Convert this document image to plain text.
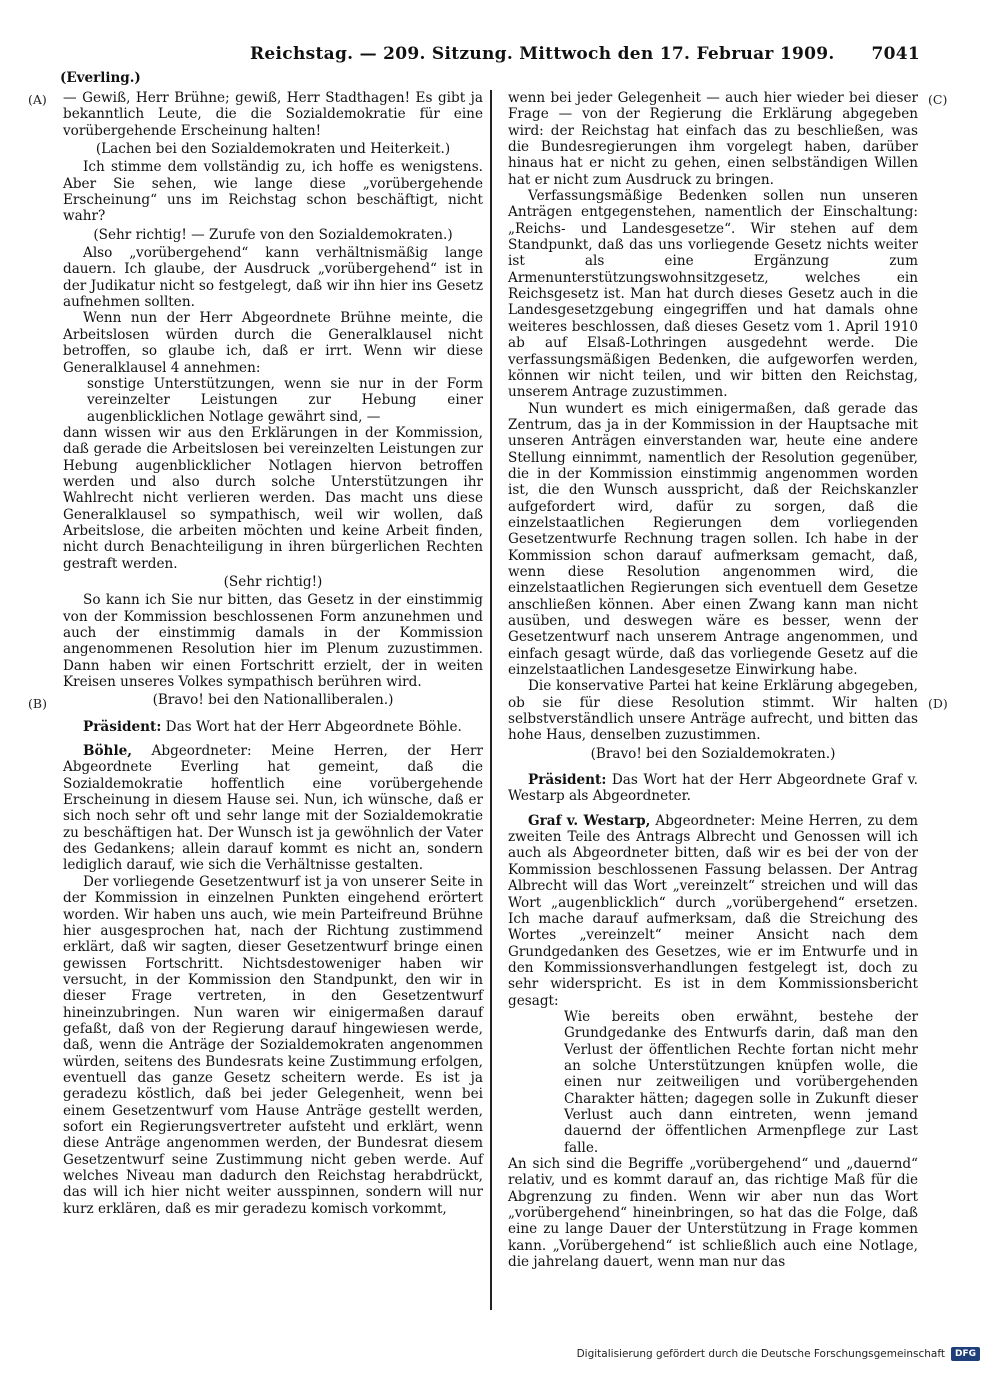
Reichstag. — 209. Sitzung. Mittwoch den 17. Februar 1909. 7041
(Everling.)
(A)
(B)
(C)
(D)

— Gewiß, Herr Brühne; gewiß, Herr Stadthagen! Es gibt ja bekanntlich Leute, die die Sozialdemokratie für eine vorübergehende Erscheinung halten!

(Lachen bei den Sozialdemokraten und Heiterkeit.)

Ich stimme dem vollständig zu, ich hoffe es wenigstens. Aber Sie sehen, wie lange diese „vorübergehende Erscheinung“ uns im Reichstag schon beschäftigt, nicht wahr?

(Sehr richtig! — Zurufe von den Sozialdemokraten.)

Also „vorübergehend“ kann verhältnismäßig lange dauern. Ich glaube, der Ausdruck „vorübergehend“ ist in der Judikatur nicht so festgelegt, daß wir ihn hier ins Gesetz aufnehmen sollten.

Wenn nun der Herr Abgeordnete Brühne meinte, die Arbeitslosen würden durch die Generalklausel nicht betroffen, so glaube ich, daß er irrt. Wenn wir diese Generalklausel 4 annehmen:

sonstige Unterstützungen, wenn sie nur in der Form vereinzelter Leistungen zur Hebung einer augenblicklichen Notlage gewährt sind, —

dann wissen wir aus den Erklärungen in der Kommission, daß gerade die Arbeitslosen bei vereinzelten Leistungen zur Hebung augenblicklicher Notlagen hiervon betroffen werden und also durch solche Unterstützungen ihr Wahlrecht nicht verlieren werden. Das macht uns diese Generalklausel so sympathisch, weil wir wollen, daß Arbeitslose, die arbeiten möchten und keine Arbeit finden, nicht durch Benachteiligung in ihren bürgerlichen Rechten gestraft werden.

(Sehr richtig!)

So kann ich Sie nur bitten, das Gesetz in der einstimmig von der Kommission beschlossenen Form anzunehmen und auch der einstimmig damals in der Kommission angenommenen Resolution hier im Plenum zuzustimmen. Dann haben wir einen Fortschritt erzielt, der in weiten Kreisen unseres Volkes sympathisch berühren wird.

(Bravo! bei den Nationalliberalen.)

Präsident: Das Wort hat der Herr Abgeordnete Böhle.

Böhle, Abgeordneter: Meine Herren, der Herr Abgeordnete Everling hat gemeint, daß die Sozialdemokratie hoffentlich eine vorübergehende Erscheinung in diesem Hause sei. Nun, ich wünsche, daß er sich noch sehr oft und sehr lange mit der Sozialdemokratie zu beschäftigen hat. Der Wunsch ist ja gewöhnlich der Vater des Gedankens; allein darauf kommt es nicht an, sondern lediglich darauf, wie sich die Verhältnisse gestalten.

Der vorliegende Gesetzentwurf ist ja von unserer Seite in der Kommission in einzelnen Punkten eingehend erörtert worden. Wir haben uns auch, wie mein Parteifreund Brühne hier ausgesprochen hat, nach der Richtung zustimmend erklärt, daß wir sagten, dieser Gesetzentwurf bringe einen gewissen Fortschritt. Nichtsdestoweniger haben wir versucht, in der Kommission den Standpunkt, den wir in dieser Frage vertreten, in den Gesetzentwurf hineinzubringen. Nun waren wir einigermaßen darauf gefaßt, daß von der Regierung darauf hingewiesen werde, daß, wenn die Anträge der Sozialdemokraten angenommen würden, seitens des Bundesrats keine Zustimmung erfolgen, eventuell das ganze Gesetz scheitern werde. Es ist ja geradezu köstlich, daß bei jeder Gelegenheit, wenn bei einem Gesetzentwurf vom Hause Anträge gestellt werden, sofort ein Regierungsvertreter aufsteht und erklärt, wenn diese Anträge angenommen werden, der Bundesrat diesem Gesetzentwurf seine Zustimmung nicht geben werde. Auf welches Niveau man dadurch den Reichstag herabdrückt, das will ich hier nicht weiter ausspinnen, sondern will nur kurz erklären, daß es mir geradezu komisch vorkommt,

wenn bei jeder Gelegenheit — auch hier wieder bei dieser Frage — von der Regierung die Erklärung abgegeben wird: der Reichstag hat einfach das zu beschließen, was die Bundesregierungen ihm vorgelegt haben, darüber hinaus hat er nicht zu gehen, einen selbständigen Willen hat er nicht zum Ausdruck zu bringen.

Verfassungsmäßige Bedenken sollen nun unseren Anträgen entgegenstehen, namentlich der Einschaltung: „Reichs- und Landesgesetze“. Wir stehen auf dem Standpunkt, daß das uns vorliegende Gesetz nichts weiter ist als eine Ergänzung zum Armenunterstützungswohnsitzgesetz, welches ein Reichsgesetz ist. Man hat durch dieses Gesetz auch in die Landesgesetzgebung eingegriffen und hat damals ohne weiteres beschlossen, daß dieses Gesetz vom 1. April 1910 ab auf Elsaß-Lothringen ausgedehnt werde. Die verfassungsmäßigen Bedenken, die aufgeworfen werden, können wir nicht teilen, und wir bitten den Reichstag, unserem Antrage zuzustimmen.

Nun wundert es mich einigermaßen, daß gerade das Zentrum, das ja in der Kommission in der Hauptsache mit unseren Anträgen einverstanden war, heute eine andere Stellung einnimmt, namentlich der Resolution gegenüber, die in der Kommission einstimmig angenommen worden ist, die den Wunsch ausspricht, daß der Reichskanzler aufgefordert wird, dafür zu sorgen, daß die einzelstaatlichen Regierungen dem vorliegenden Gesetzentwurfe Rechnung tragen sollen. Ich habe in der Kommission schon darauf aufmerksam gemacht, daß, wenn diese Resolution angenommen wird, die einzelstaatlichen Regierungen sich eventuell dem Gesetze anschließen können. Aber einen Zwang kann man nicht ausüben, und deswegen wäre es besser, wenn der Gesetzentwurf nach unserem Antrage angenommen, und einfach gesagt würde, daß das vorliegende Gesetz auf die einzelstaatlichen Landesgesetze Einwirkung habe.

Die konservative Partei hat keine Erklärung abgegeben, ob sie für diese Resolution stimmt. Wir halten selbstverständlich unsere Anträge aufrecht, und bitten das hohe Haus, denselben zuzustimmen.

(Bravo! bei den Sozialdemokraten.)

Präsident: Das Wort hat der Herr Abgeordnete Graf v. Westarp als Abgeordneter.

Graf v. Westarp, Abgeordneter: Meine Herren, zu dem zweiten Teile des Antrags Albrecht und Genossen will ich auch als Abgeordneter bitten, daß wir es bei der von der Kommission beschlossenen Fassung belassen. Der Antrag Albrecht will das Wort „vereinzelt“ streichen und will das Wort „augenblicklich“ durch „vorübergehend“ ersetzen. Ich mache darauf aufmerksam, daß die Streichung des Wortes „vereinzelt“ meiner Ansicht nach dem Grundgedanken des Gesetzes, wie er im Entwurfe und in den Kommissionsverhandlungen festgelegt ist, doch zu sehr widerspricht. Es ist in dem Kommissionsbericht gesagt:

Wie bereits oben erwähnt, bestehe der Grundgedanke des Entwurfs darin, daß man den Verlust der öffentlichen Rechte fortan nicht mehr an solche Unterstützungen knüpfen wolle, die einen nur zeitweiligen und vorübergehenden Charakter hätten; dagegen solle in Zukunft dieser Verlust auch dann eintreten, wenn jemand dauernd der öffentlichen Armenpflege zur Last falle.

An sich sind die Begriffe „vorübergehend“ und „dauernd“ relativ, und es kommt darauf an, das richtige Maß für die Abgrenzung zu finden. Wenn wir aber nun das Wort „vorübergehend“ hineinbringen, so hat das die Folge, daß eine zu lange Dauer der Unterstützung in Frage kommen kann. „Vorübergehend“ ist schließlich auch eine Notlage, die jahrelang dauert, wenn man nur das

Digitalisierung gefördert durch die Deutsche Forschungsgemeinschaft	DFG
